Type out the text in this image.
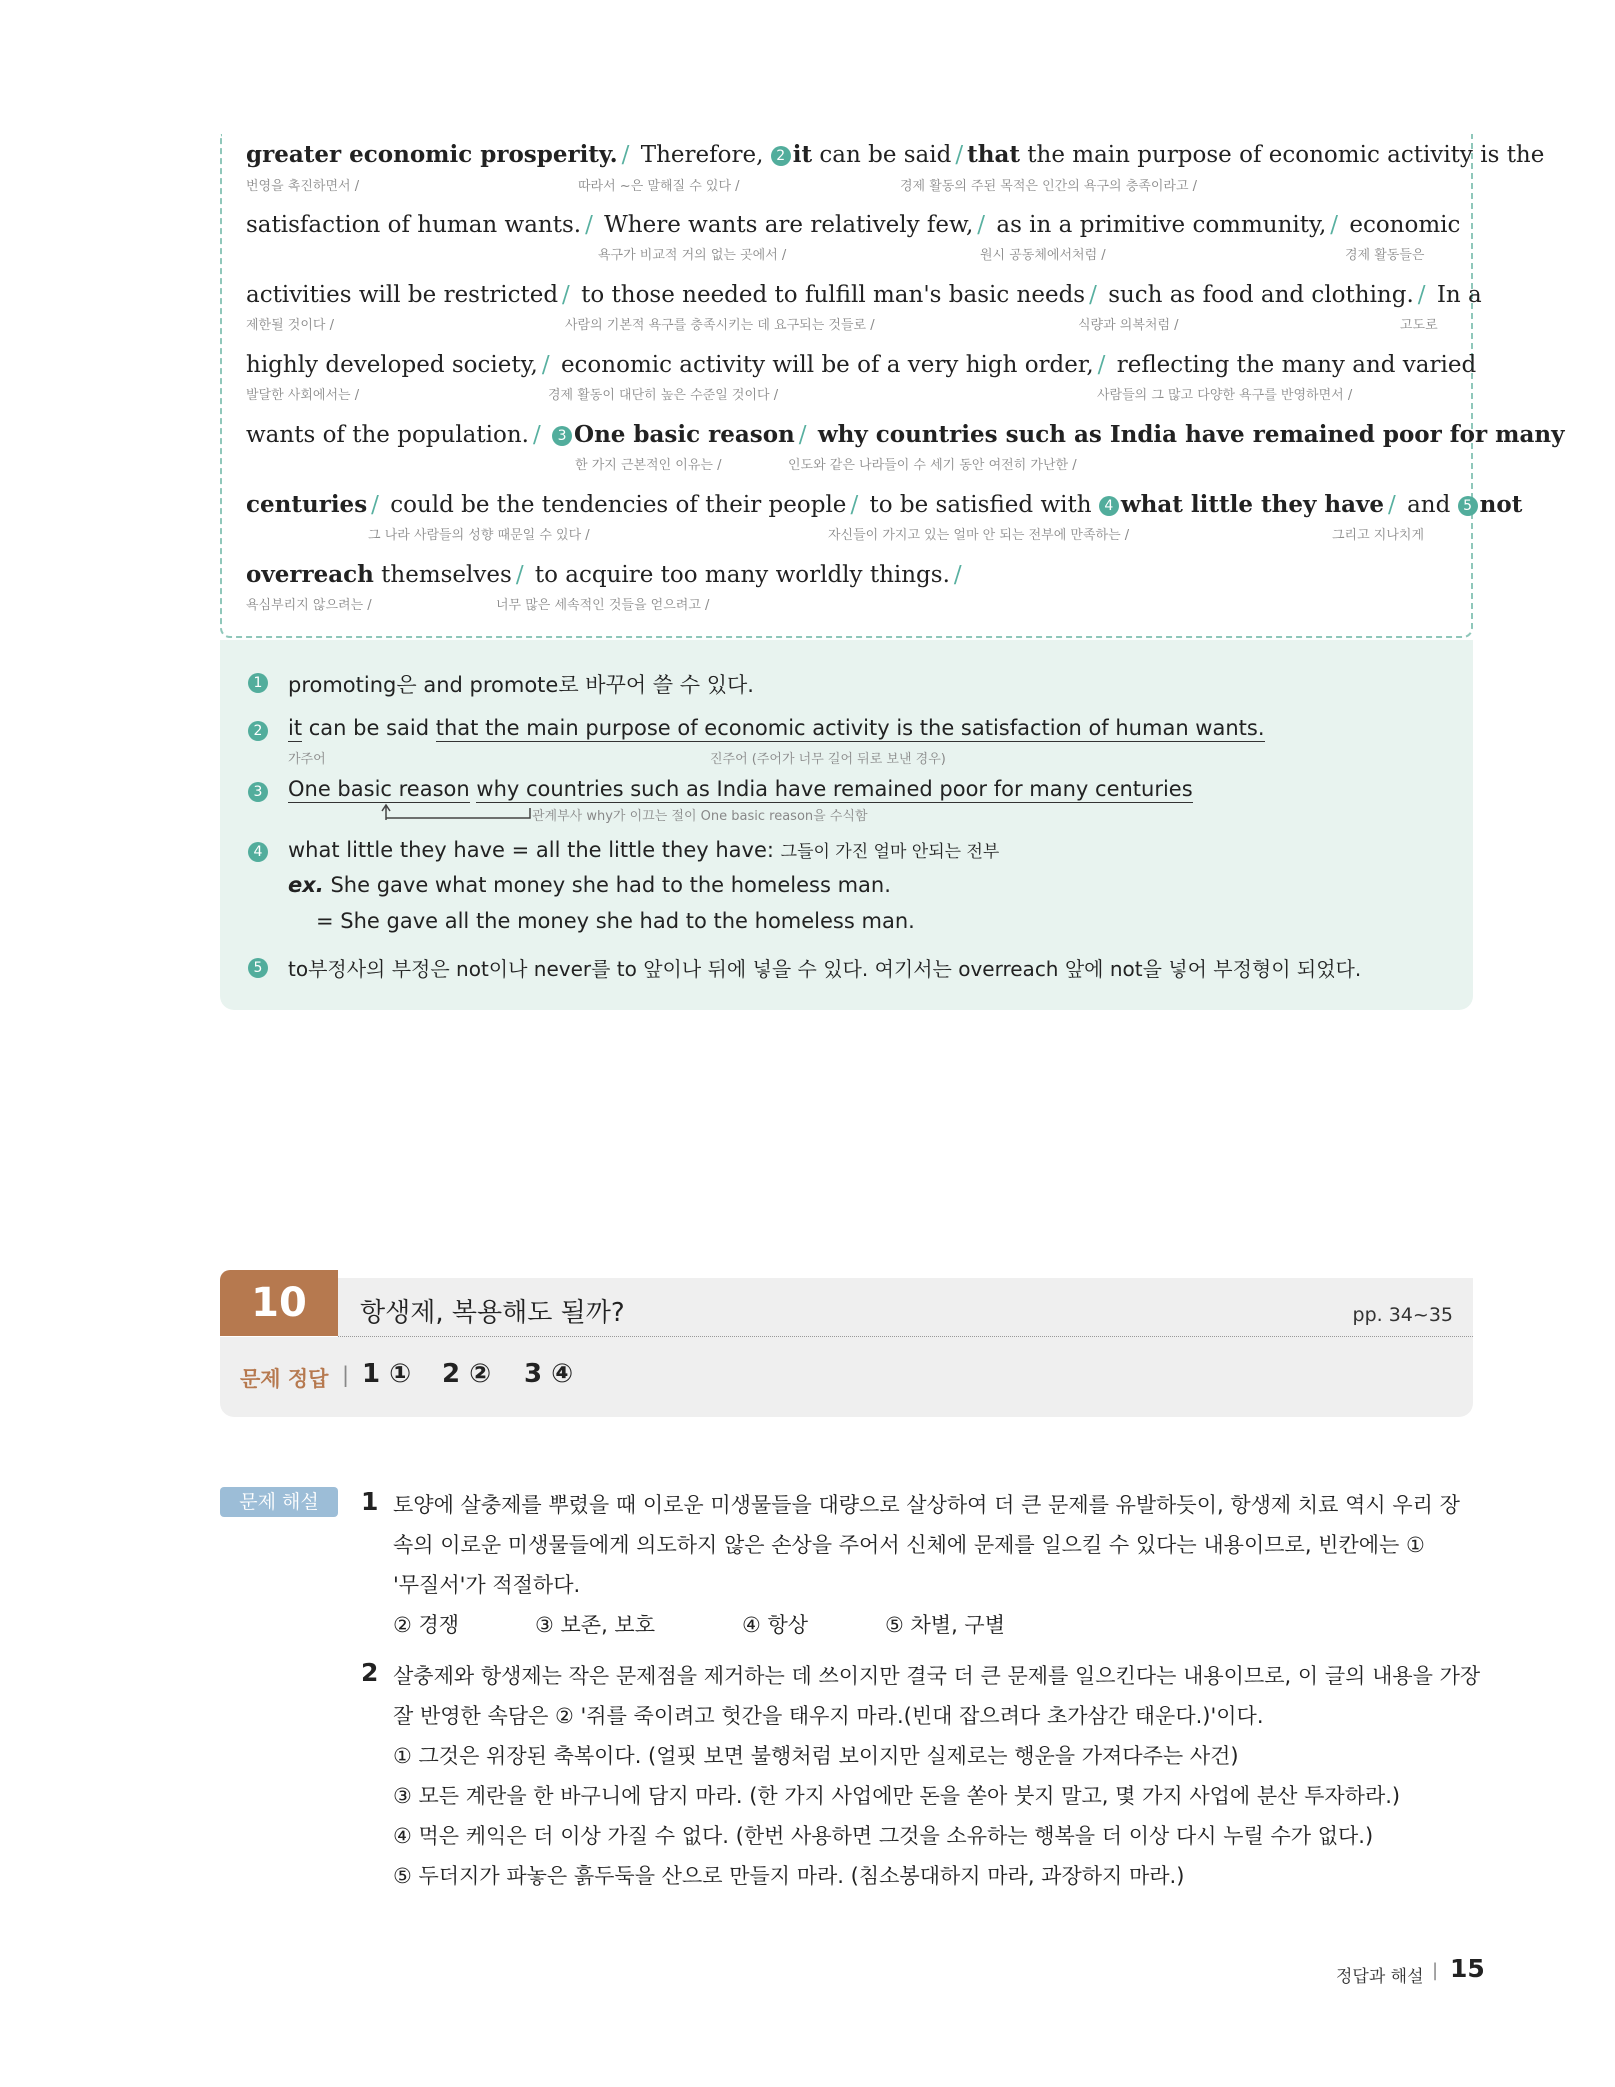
greater economic prosperity. / Therefore, 2 it can be said / that the main purpose of economic activity is the
번영을 촉진하면서 /	따라서 ~은 말해질 수 있다 /	경제 활동의 주된 목적은 인간의 욕구의 충족이라고 /
satisfaction of human wants. / Where wants are relatively few, / as in a primitive community, / economic
욕구가 비교적 거의 없는 곳에서 /	원시 공동체에서처럼 /	경제 활동들은
activities will be restricted / to those needed to fulfill man's basic needs / such as food and clothing. / In a
제한될 것이다 /	사람의 기본적 욕구를 충족시키는 데 요구되는 것들로 /	식량과 의복처럼 /	고도로
highly developed society, / economic activity will be of a very high order, / reflecting the many and varied
발달한 사회에서는 /	경제 활동이 대단히 높은 수준일 것이다 /	사람들의 그 많고 다양한 욕구를 반영하면서 /
wants of the population. / 3 One basic reason / why countries such as India have remained poor for many
한 가지 근본적인 이유는 /	인도와 같은 나라들이 수 세기 동안 여전히 가난한 /
centuries / could be the tendencies of their people / to be satisfied with 4 what little they have / and 5 not
그 나라 사람들의 성향 때문일 수 있다 /	자신들이 가지고 있는 얼마 안 되는 전부에 만족하는 /	그리고 지나치게
overreach themselves / to acquire too many worldly things. /
욕심부리지 않으려는 /	너무 많은 세속적인 것들을 얻으려고 /
1 promoting은 and promote로 바꾸어 쓸 수 있다.
2 it can be said that the main purpose of economic activity is the satisfaction of human wants.
가주어	진주어 (주어가 너무 길어 뒤로 보낸 경우)
3 One basic reason why countries such as India have remained poor for many centuries
관계부사 why가 이끄는 절이 One basic reason을 수식함
4 what little they have = all the little they have: 그들이 가진 얼마 안되는 전부
ex. She gave what money she had to the homeless man.
= She gave all the money she had to the homeless man.
5 to부정사의 부정은 not이나 never를 to 앞이나 뒤에 넣을 수 있다. 여기서는 overreach 앞에 not을 넣어 부정형이 되었다.
10	항생제, 복용해도 될까?	pp. 34~35
문제 정답 | 1 ① 2 ② 3 ④
문제 해설	1 토양에 살충제를 뿌렸을 때 이로운 미생물들을 대량으로 살상하여 더 큰 문제를 유발하듯이, 항생제 치료 역시 우리 장
속의 이로운 미생물들에게 의도하지 않은 손상을 주어서 신체에 문제를 일으킬 수 있다는 내용이므로, 빈칸에는 ①
'무질서'가 적절하다.
② 경쟁	③ 보존, 보호	④ 항상	⑤ 차별, 구별
2 살충제와 항생제는 작은 문제점을 제거하는 데 쓰이지만 결국 더 큰 문제를 일으킨다는 내용이므로, 이 글의 내용을 가장
잘 반영한 속담은 ② '쥐를 죽이려고 헛간을 태우지 마라.(빈대 잡으려다 초가삼간 태운다.)'이다.
① 그것은 위장된 축복이다. (얼핏 보면 불행처럼 보이지만 실제로는 행운을 가져다주는 사건)
③ 모든 계란을 한 바구니에 담지 마라. (한 가지 사업에만 돈을 쏟아 붓지 말고, 몇 가지 사업에 분산 투자하라.)
④ 먹은 케익은 더 이상 가질 수 없다. (한번 사용하면 그것을 소유하는 행복을 더 이상 다시 누릴 수가 없다.)
⑤ 두더지가 파놓은 흙두둑을 산으로 만들지 마라. (침소봉대하지 마라, 과장하지 마라.)
정답과 해설 | 15
